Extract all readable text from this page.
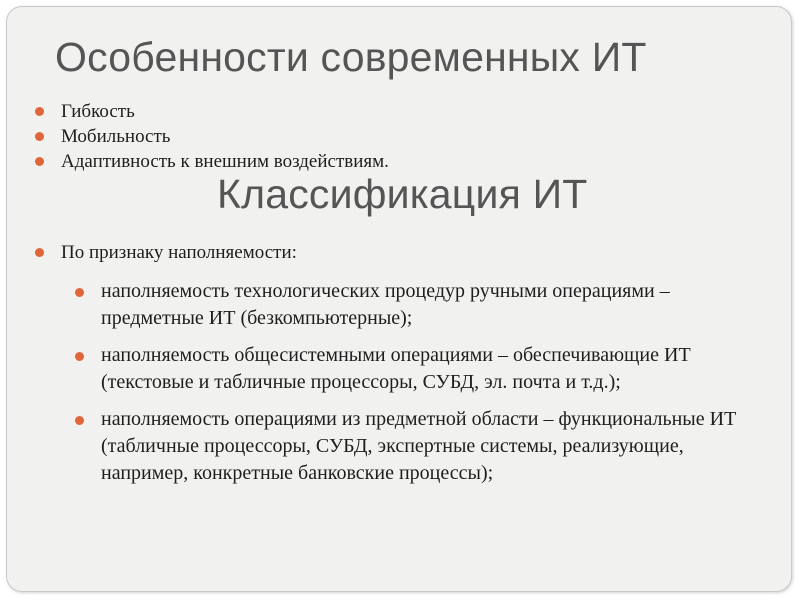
Особенности современных ИТ
Гибкость
Мобильность
Адаптивность к внешним воздействиям.
Классификация ИТ
По признаку наполняемости:
наполняемость технологических процедур ручными операциями – предметные ИТ (безкомпьютерные);
наполняемость общесистемными операциями – обеспечивающие ИТ (текстовые и табличные процессоры, СУБД, эл. почта и т.д.);
наполняемость операциями из предметной области – функциональные ИТ (табличные процессоры, СУБД, экспертные системы, реализующие, например, конкретные банковские процессы);
